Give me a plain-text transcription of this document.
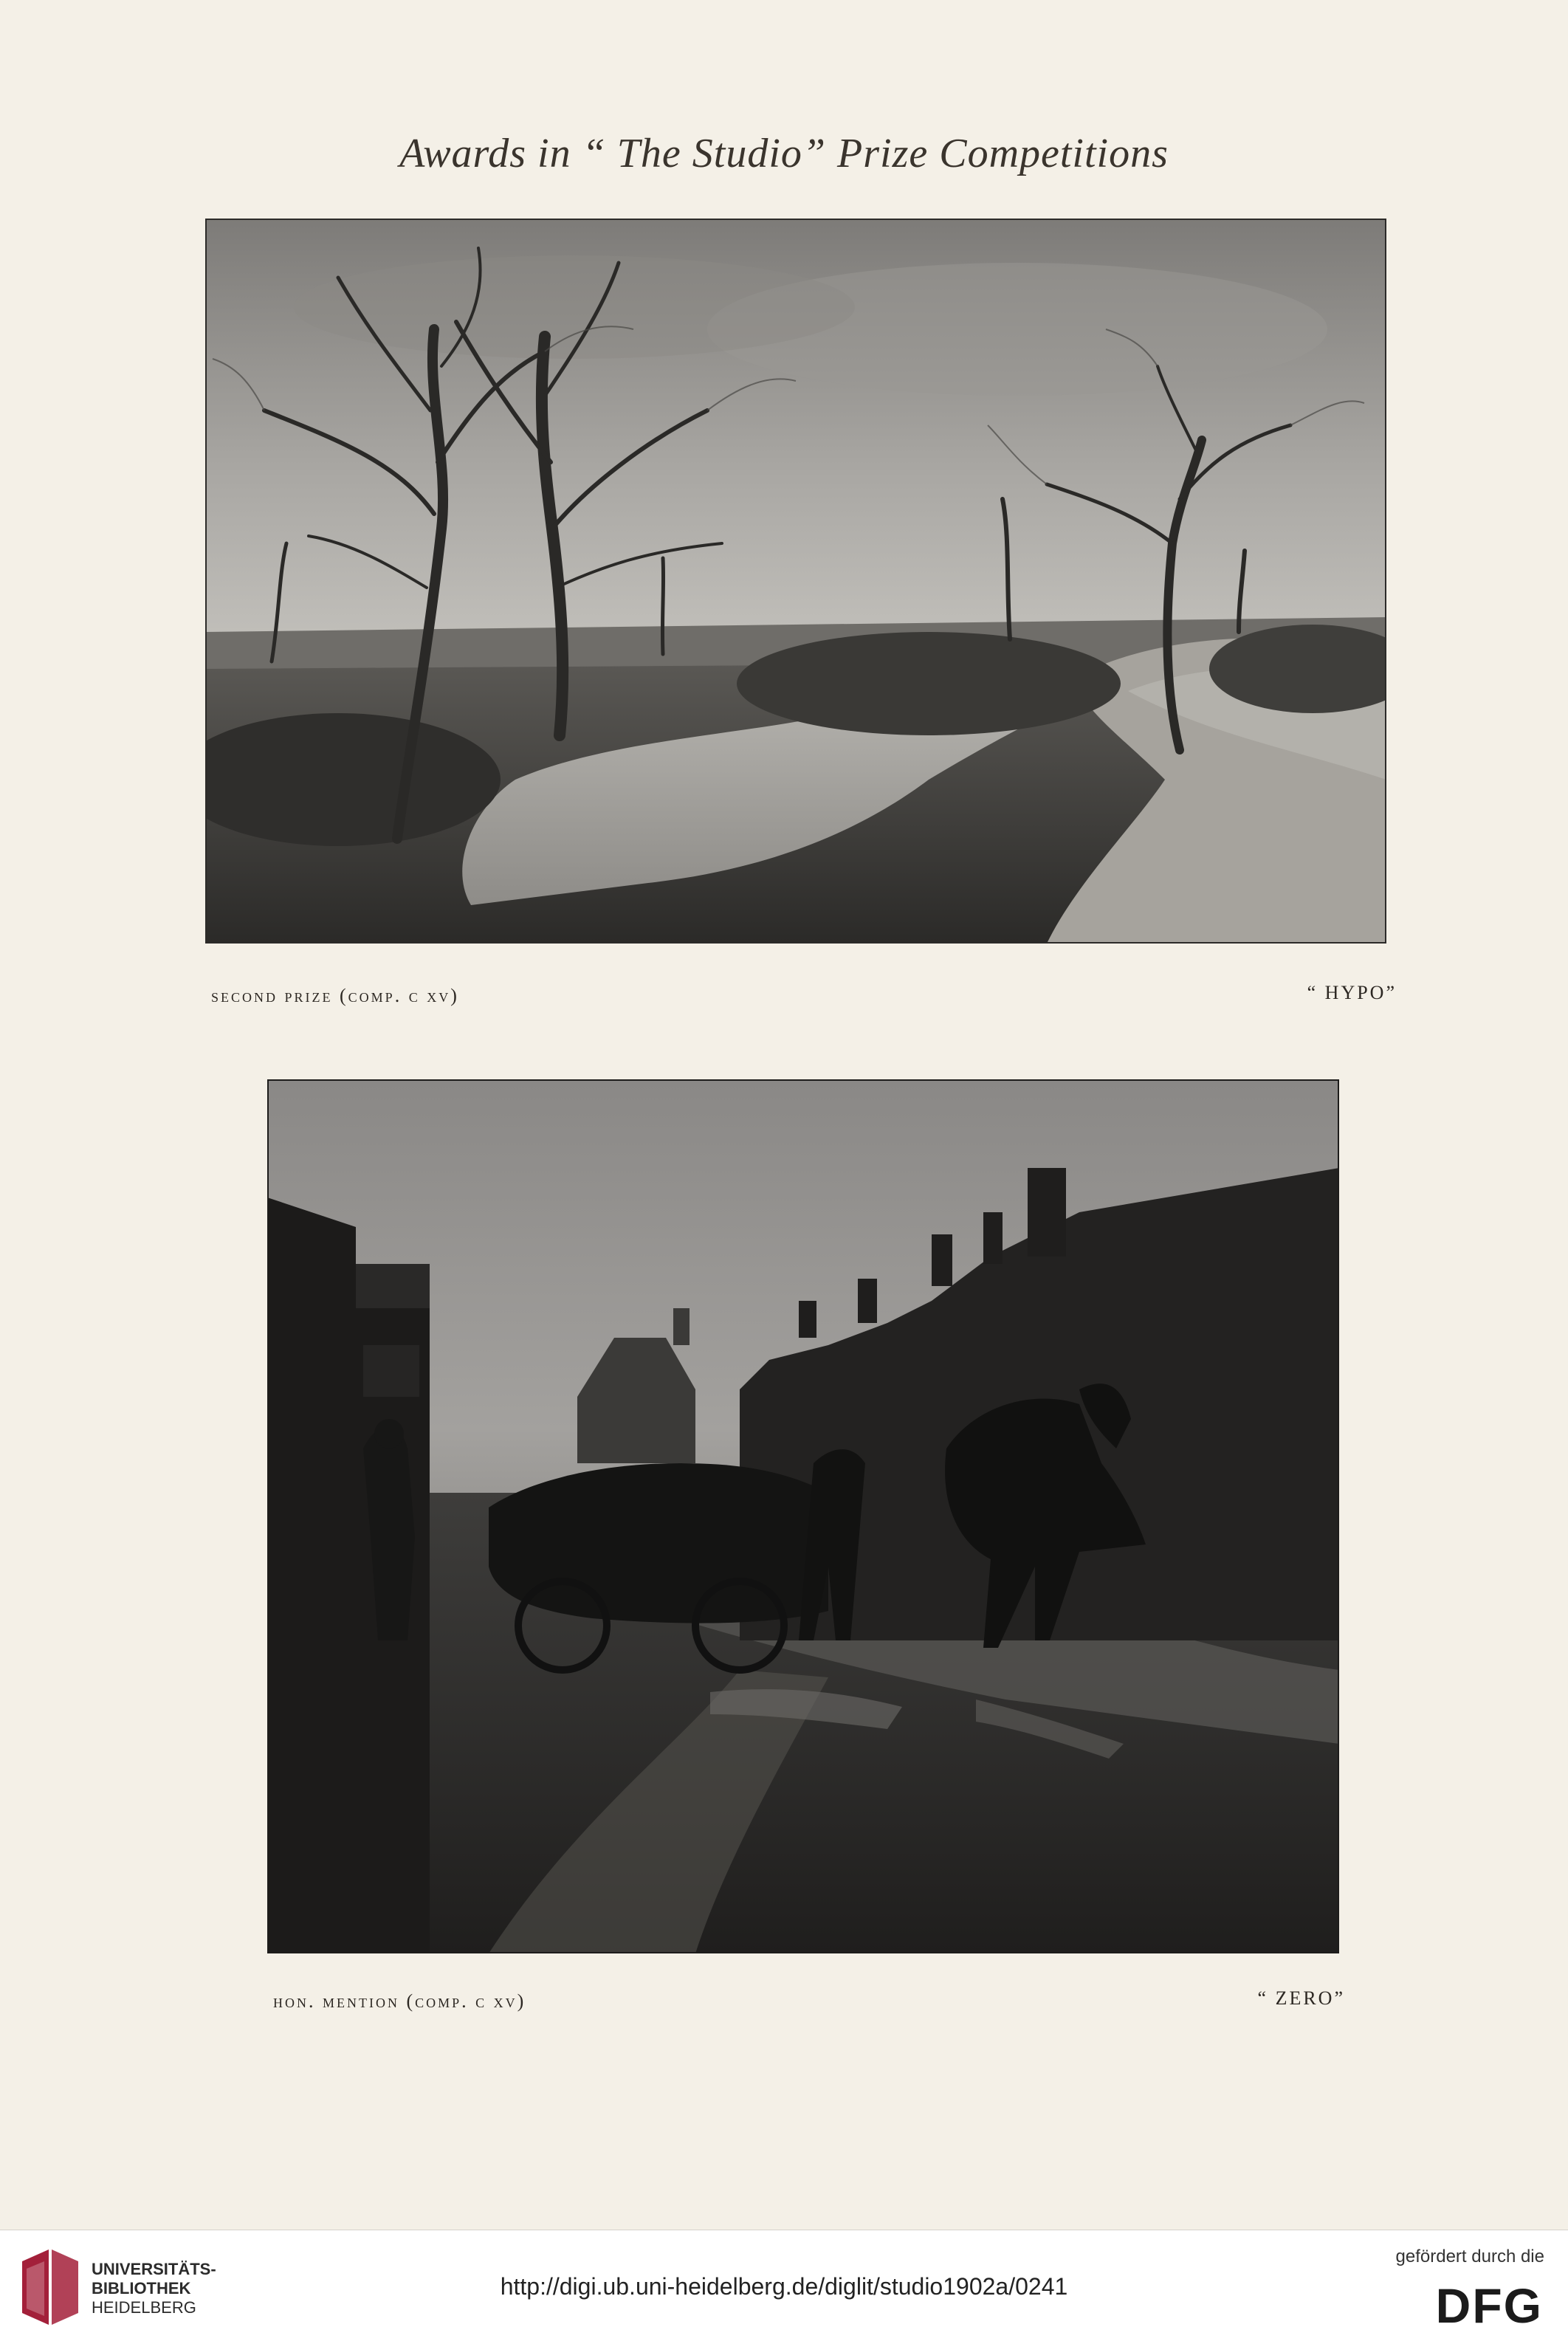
Awards in “ The Studio” Prize Competitions
second prize (comp. c xv)	“ HYPO”
hon. mention (comp. c xv)	“ ZERO”
UNIVERSITÄTS-
BIBLIOTHEK
HEIDELBERG
http://digi.ub.uni-heidelberg.de/diglit/studio1902a/0241
gefördert durch die
DFG
